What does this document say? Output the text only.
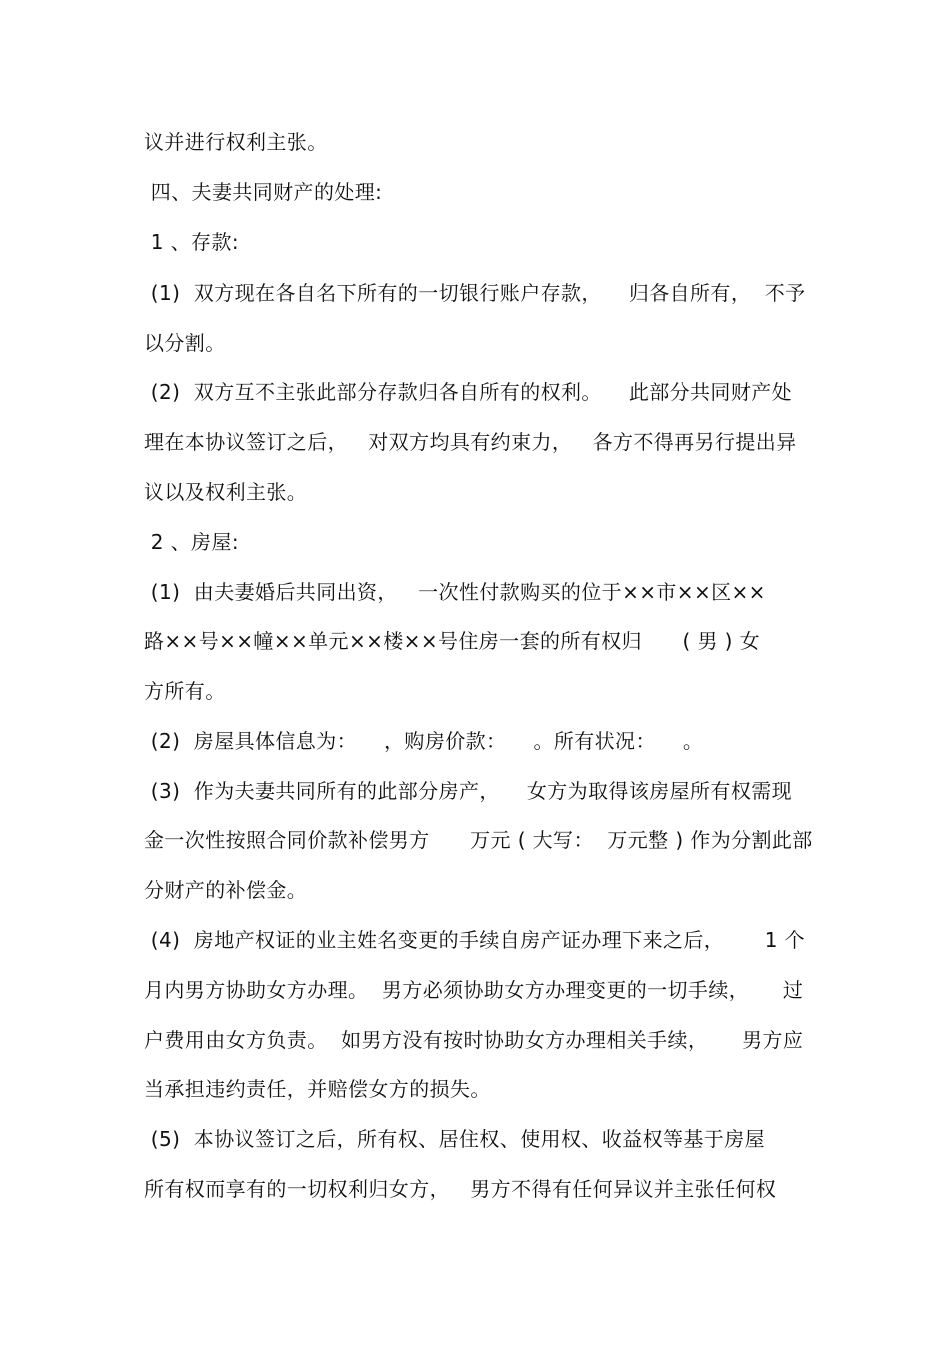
议并进行权利主张。
四、夫妻共同财产的处理:
1 、存款:
(1)  双方现在各自名下所有的一切银行账户存款，    归各自所有，  不予
以分割。
(2)  双方互不主张此部分存款归各自所有的权利。    此部分共同财产处
理在本协议签订之后，   对双方均具有约束力，   各方不得再另行提出异
议以及权利主张。
2 、房屋:
(1)  由夫妻婚后共同出资，   一次性付款购买的位于××市××区××
路××号××幢××单元××楼××号住房一套的所有权归      ( 男 ) 女
方所有。
(2)  房屋具体信息为：    ，购房价款：    。所有状况：    。
(3)  作为夫妻共同所有的此部分房产，    女方为取得该房屋所有权需现
金一次性按照合同价款补偿男方      万元 ( 大写：  万元整 ) 作为分割此部
分财产的补偿金。
(4)  房地产权证的业主姓名变更的手续自房产证办理下来之后，      1 个
月内男方协助女方办理。  男方必须协助女方办理变更的一切手续，     过
户费用由女方负责。  如男方没有按时协助女方办理相关手续，     男方应
当承担违约责任，并赔偿女方的损失。
(5)  本协议签订之后，所有权、居住权、使用权、收益权等基于房屋
所有权而享有的一切权利归女方，   男方不得有任何异议并主张任何权
